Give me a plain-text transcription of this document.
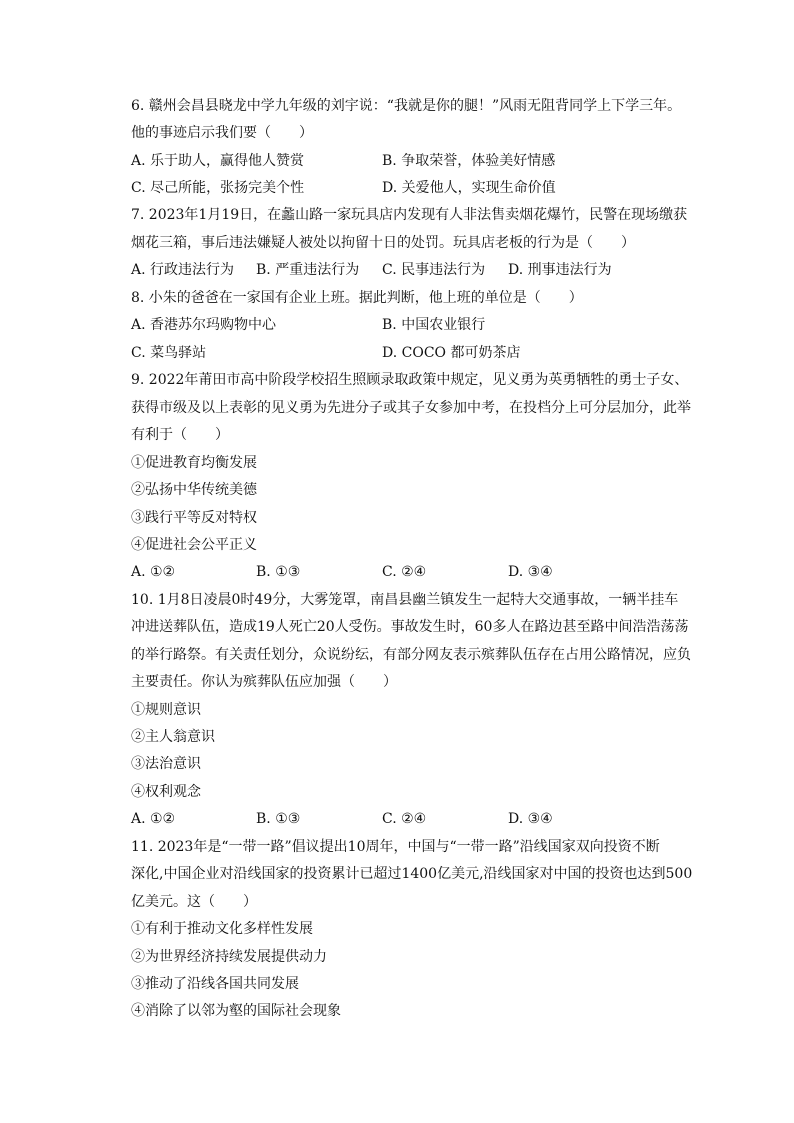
6. 赣州会昌县晓龙中学九年级的刘宇说：“我就是你的腿！”风雨无阻背同学上下学三年。
他的事迹启示我们要（　　）
A. 乐于助人，赢得他人赞赏	B. 争取荣誉，体验美好情感
C. 尽己所能，张扬完美个性	D. 关爱他人，实现生命价值
7. 2023年1月19日，在蠡山路一家玩具店内发现有人非法售卖烟花爆竹，民警在现场缴获
烟花三箱，事后违法嫌疑人被处以拘留十日的处罚。玩具店老板的行为是（　　）
A. 行政违法行为 B. 严重违法行为 C. 民事违法行为 D. 刑事违法行为
8. 小朱的爸爸在一家国有企业上班。据此判断，他上班的单位是（　　）
A. 香港苏尔玛购物中心	B. 中国农业银行
C. 菜鸟驿站	D. COCO 都可奶茶店
9. 2022年莆田市高中阶段学校招生照顾录取政策中规定，见义勇为英勇牺牲的勇士子女、
获得市级及以上表彰的见义勇为先进分子或其子女参加中考，在投档分上可分层加分，此举
有利于（　　）
①促进教育均衡发展
②弘扬中华传统美德
③践行平等反对特权
④促进社会公平正义
A. ①②	B. ①③	C. ②④	D. ③④
10. 1月8日凌晨0时49分，大雾笼罩，南昌县幽兰镇发生一起特大交通事故，一辆半挂车
冲进送葬队伍，造成19人死亡20人受伤。事故发生时，60多人在路边甚至路中间浩浩荡荡
的举行路祭。有关责任划分，众说纷纭，有部分网友表示殡葬队伍存在占用公路情况，应负
主要责任。你认为殡葬队伍应加强（　　）
①规则意识
②主人翁意识
③法治意识
④权利观念
A. ①②	B. ①③	C. ②④	D. ③④
11. 2023年是“一带一路”倡议提出10周年，中国与“一带一路”沿线国家双向投资不断
深化,中国企业对沿线国家的投资累计已超过1400亿美元,沿线国家对中国的投资也达到500
亿美元。这（　　）
①有利于推动文化多样性发展
②为世界经济持续发展提供动力
③推动了沿线各国共同发展
④消除了以邻为壑的国际社会现象
